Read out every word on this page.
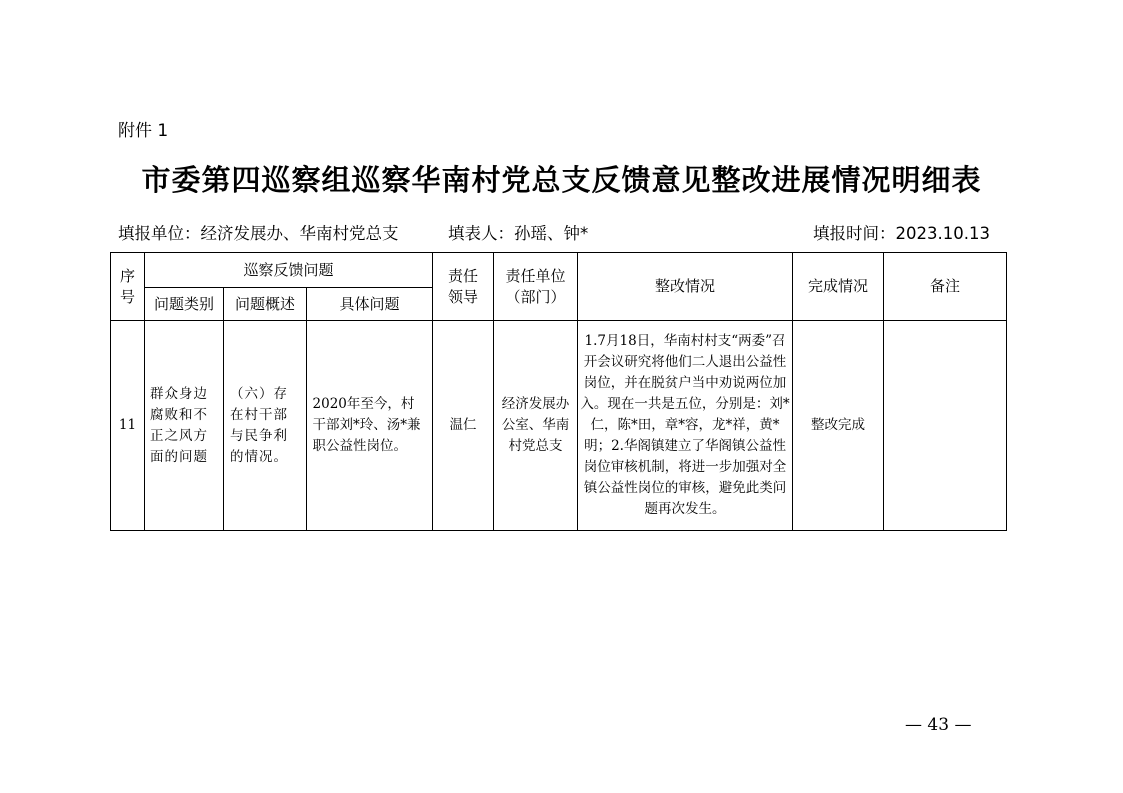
附件 1
市委第四巡察组巡察华南村党总支反馈意见整改进展情况明细表
填报单位：经济发展办、华南村党总支	填表人：孙瑶、钟*	填报时间：2023.10.13
序号	巡察反馈问题			责任领导	责任单位（部门）	整改情况	完成情况	备注
	问题类别	问题概述	具体问题					
11	群众身边腐败和不正之风方面的问题	（六）存在村干部与民争利的情况。	2020年至今，村干部刘*玲、汤*兼职公益性岗位。	温仁	经济发展办公室、华南村党总支	1.7月18日，华南村村支“两委”召开会议研究将他们二人退出公益性岗位，并在脱贫户当中劝说两位加入。现在一共是五位，分别是：刘*仁，陈*田，章*容，龙*祥，黄*明；2.华阁镇建立了华阁镇公益性岗位审核机制，将进一步加强对全镇公益性岗位的审核，避免此类问题再次发生。	整改完成	
— 43 —
